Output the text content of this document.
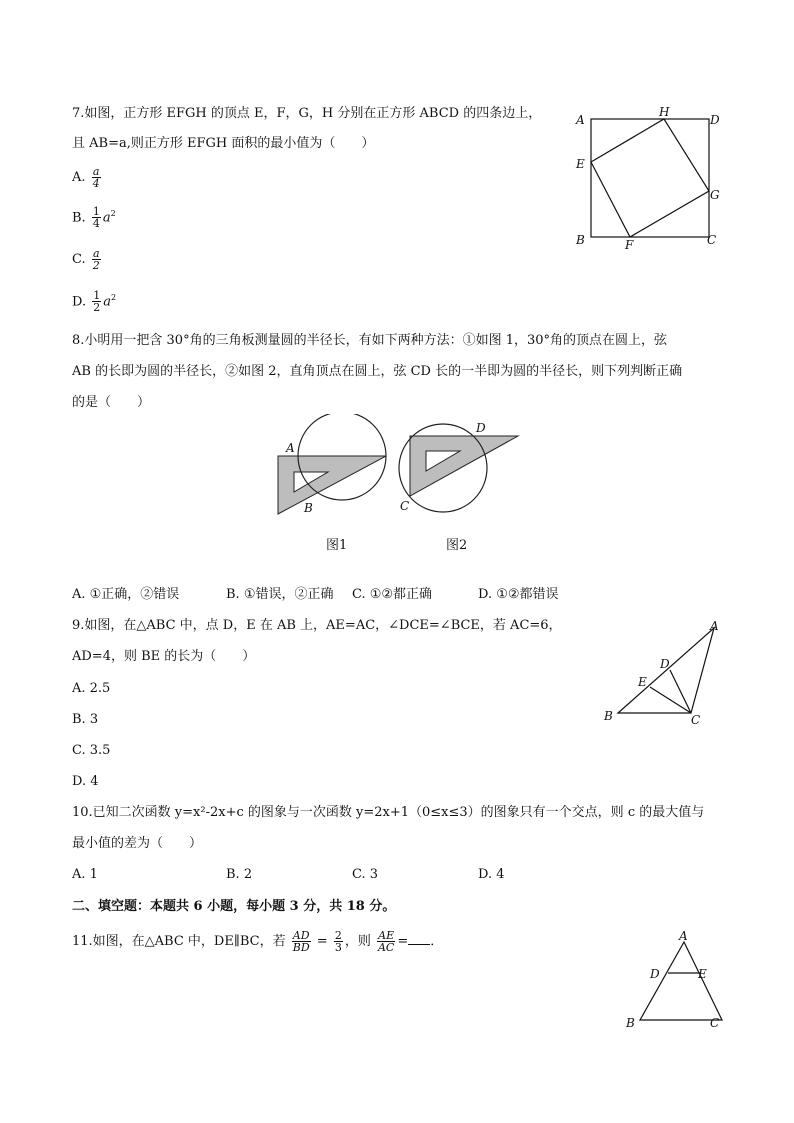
7.如图，正方形 EFGH 的顶点 E，F，G，H 分别在正方形 ABCD 的四条边上，
且 AB=a,则正方形 EFGH 面积的最小值为（　　）
A. $\frac{a}{4}$
B. $\frac{1}{4} a^2$
C. $\frac{a}{2}$
D. $\frac{1}{2} a^2$
A
H
D
E
G
B	F	C
8.小明用一把含 30°角的三角板测量圆的半径长，有如下两种方法：①如图 1，30°角的顶点在圆上，弦
AB 的长即为圆的半径长，②如图 2，直角顶点在圆上，弦 CD 长的一半即为圆的半径长，则下列判断正确
的是（　　）
A
B
D
C
图1	图2
A. ①正确，②错误	B. ①错误，②正确 C. ①②都正确	D. ①②都错误
9.如图，在△ABC 中，点 D，E 在 AB 上，AE=AC，∠DCE=∠BCE，若 AC=6，
AD=4，则 BE 的长为（　　）
A. 2.5
B. 3
C. 3.5
D. 4
A
D
E
B	C
10.已知二次函数 y=x²-2x+c 的图象与一次函数 y=2x+1（0≤x≤3）的图象只有一个交点，则 c 的最大值与
最小值的差为（　　）
A. 1	B. 2	C. 3	D. 4
二、填空题：本题共 6 小题，每小题 3 分，共 18 分。
11.如图，在△ABC 中，DE∥BC，若 $\frac{AD}{BD} = \frac{2}{3}$ ，则 $\frac{AE}{AC}$ = ．	A
D	E
B	C
